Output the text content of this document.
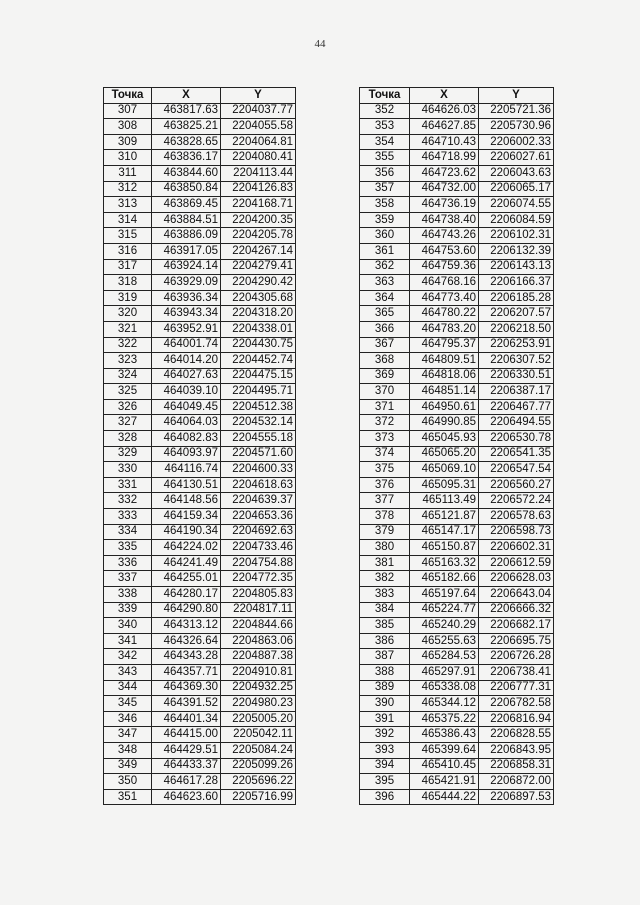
44
Точка	X	Y
307	463817.63	2204037.77
308	463825.21	2204055.58
309	463828.65	2204064.81
310	463836.17	2204080.41
311	463844.60	2204113.44
312	463850.84	2204126.83
313	463869.45	2204168.71
314	463884.51	2204200.35
315	463886.09	2204205.78
316	463917.05	2204267.14
317	463924.14	2204279.41
318	463929.09	2204290.42
319	463936.34	2204305.68
320	463943.34	2204318.20
321	463952.91	2204338.01
322	464001.74	2204430.75
323	464014.20	2204452.74
324	464027.63	2204475.15
325	464039.10	2204495.71
326	464049.45	2204512.38
327	464064.03	2204532.14
328	464082.83	2204555.18
329	464093.97	2204571.60
330	464116.74	2204600.33
331	464130.51	2204618.63
332	464148.56	2204639.37
333	464159.34	2204653.36
334	464190.34	2204692.63
335	464224.02	2204733.46
336	464241.49	2204754.88
337	464255.01	2204772.35
338	464280.17	2204805.83
339	464290.80	2204817.11
340	464313.12	2204844.66
341	464326.64	2204863.06
342	464343.28	2204887.38
343	464357.71	2204910.81
344	464369.30	2204932.25
345	464391.52	2204980.23
346	464401.34	2205005.20
347	464415.00	2205042.11
348	464429.51	2205084.24
349	464433.37	2205099.26
350	464617.28	2205696.22
351	464623.60	2205716.99
Точка	X	Y
352	464626.03	2205721.36
353	464627.85	2205730.96
354	464710.43	2206002.33
355	464718.99	2206027.61
356	464723.62	2206043.63
357	464732.00	2206065.17
358	464736.19	2206074.55
359	464738.40	2206084.59
360	464743.26	2206102.31
361	464753.60	2206132.39
362	464759.36	2206143.13
363	464768.16	2206166.37
364	464773.40	2206185.28
365	464780.22	2206207.57
366	464783.20	2206218.50
367	464795.37	2206253.91
368	464809.51	2206307.52
369	464818.06	2206330.51
370	464851.14	2206387.17
371	464950.61	2206467.77
372	464990.85	2206494.55
373	465045.93	2206530.78
374	465065.20	2206541.35
375	465069.10	2206547.54
376	465095.31	2206560.27
377	465113.49	2206572.24
378	465121.87	2206578.63
379	465147.17	2206598.73
380	465150.87	2206602.31
381	465163.32	2206612.59
382	465182.66	2206628.03
383	465197.64	2206643.04
384	465224.77	2206666.32
385	465240.29	2206682.17
386	465255.63	2206695.75
387	465284.53	2206726.28
388	465297.91	2206738.41
389	465338.08	2206777.31
390	465344.12	2206782.58
391	465375.22	2206816.94
392	465386.43	2206828.55
393	465399.64	2206843.95
394	465410.45	2206858.31
395	465421.91	2206872.00
396	465444.22	2206897.53
